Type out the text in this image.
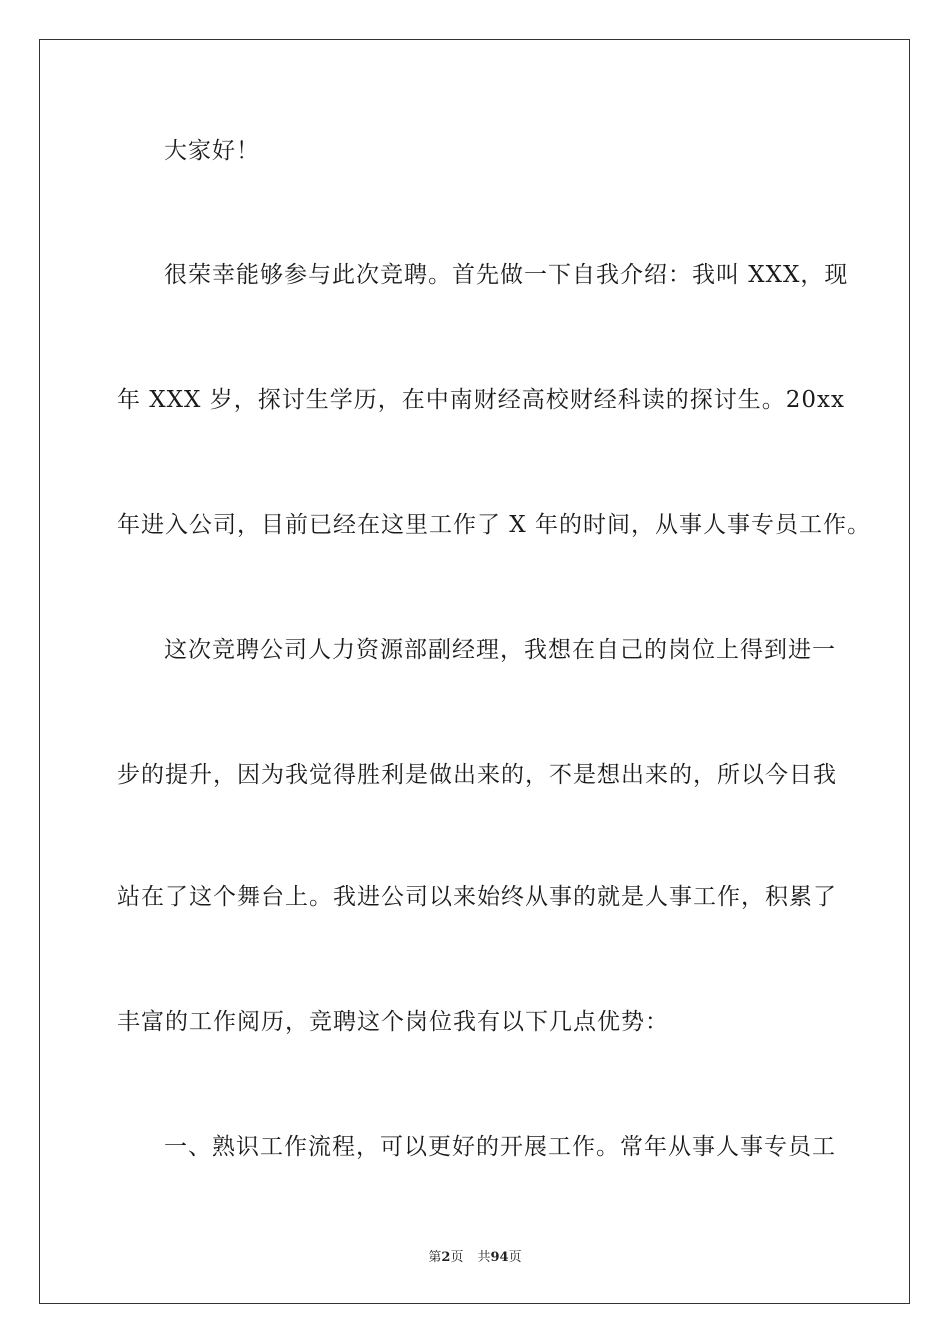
大家好！
很荣幸能够参与此次竞聘。首先做一下自我介绍：我叫 XXX，现
年 XXX 岁，探讨生学历，在中南财经高校财经科读的探讨生。20xx
年进入公司，目前已经在这里工作了 X 年的时间，从事人事专员工作。
这次竞聘公司人力资源部副经理，我想在自己的岗位上得到进一
步的提升，因为我觉得胜利是做出来的，不是想出来的，所以今日我
站在了这个舞台上。我进公司以来始终从事的就是人事工作，积累了
丰富的工作阅历，竞聘这个岗位我有以下几点优势：
一、熟识工作流程，可以更好的开展工作。常年从事人事专员工
第2页 共94页
